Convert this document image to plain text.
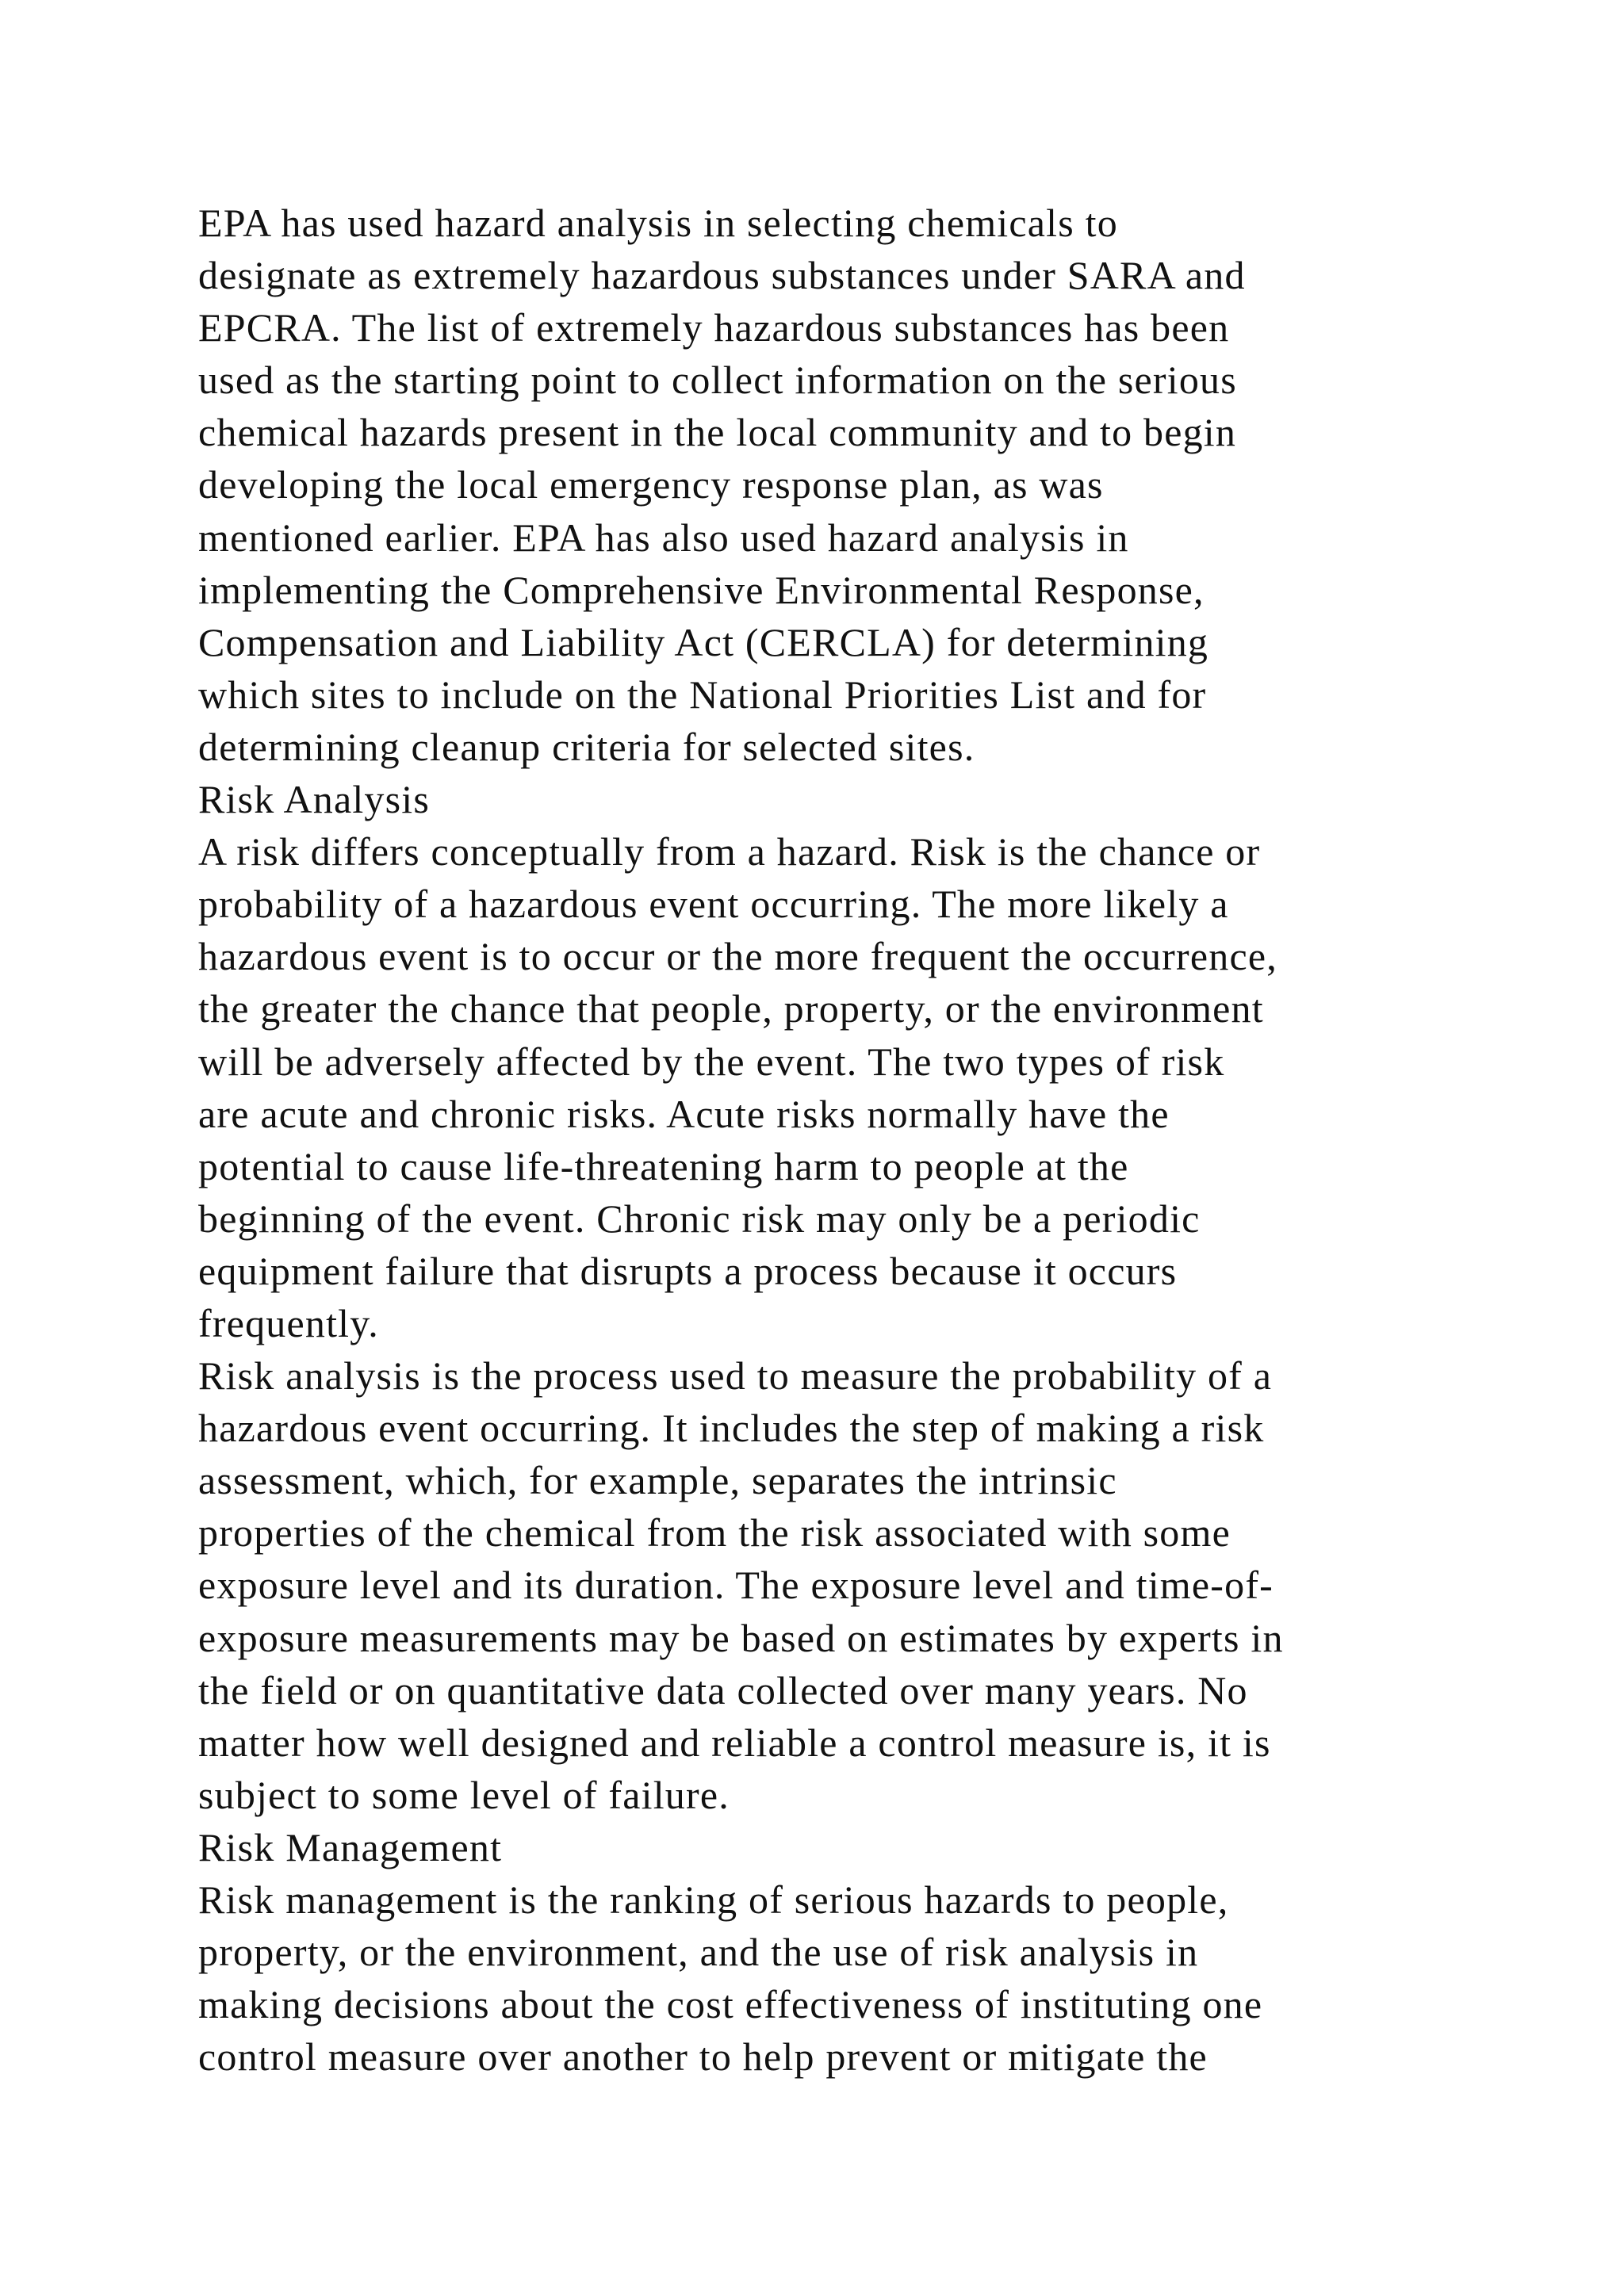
EPA has used hazard analysis in selecting chemicals to
designate as extremely hazardous substances under SARA and
EPCRA. The list of extremely hazardous substances has been
used as the starting point to collect information on the serious
chemical hazards present in the local community and to begin
developing the local emergency response plan, as was
mentioned earlier. EPA has also used hazard analysis in
implementing the Comprehensive Environmental Response,
Compensation and Liability Act (CERCLA) for determining
which sites to include on the National Priorities List and for
determining cleanup criteria for selected sites.
Risk Analysis
A risk differs conceptually from a hazard. Risk is the chance or
probability of a hazardous event occurring. The more likely a
hazardous event is to occur or the more frequent the occurrence,
the greater the chance that people, property, or the environment
will be adversely affected by the event. The two types of risk
are acute and chronic risks. Acute risks normally have the
potential to cause life-threatening harm to people at the
beginning of the event. Chronic risk may only be a periodic
equipment failure that disrupts a process because it occurs
frequently.
Risk analysis is the process used to measure the probability of a
hazardous event occurring. It includes the step of making a risk
assessment, which, for example, separates the intrinsic
properties of the chemical from the risk associated with some
exposure level and its duration. The exposure level and time-of-
exposure measurements may be based on estimates by experts in
the field or on quantitative data collected over many years. No
matter how well designed and reliable a control measure is, it is
subject to some level of failure.
Risk Management
Risk management is the ranking of serious hazards to people,
property, or the environment, and the use of risk analysis in
making decisions about the cost effectiveness of instituting one
control measure over another to help prevent or mitigate the
